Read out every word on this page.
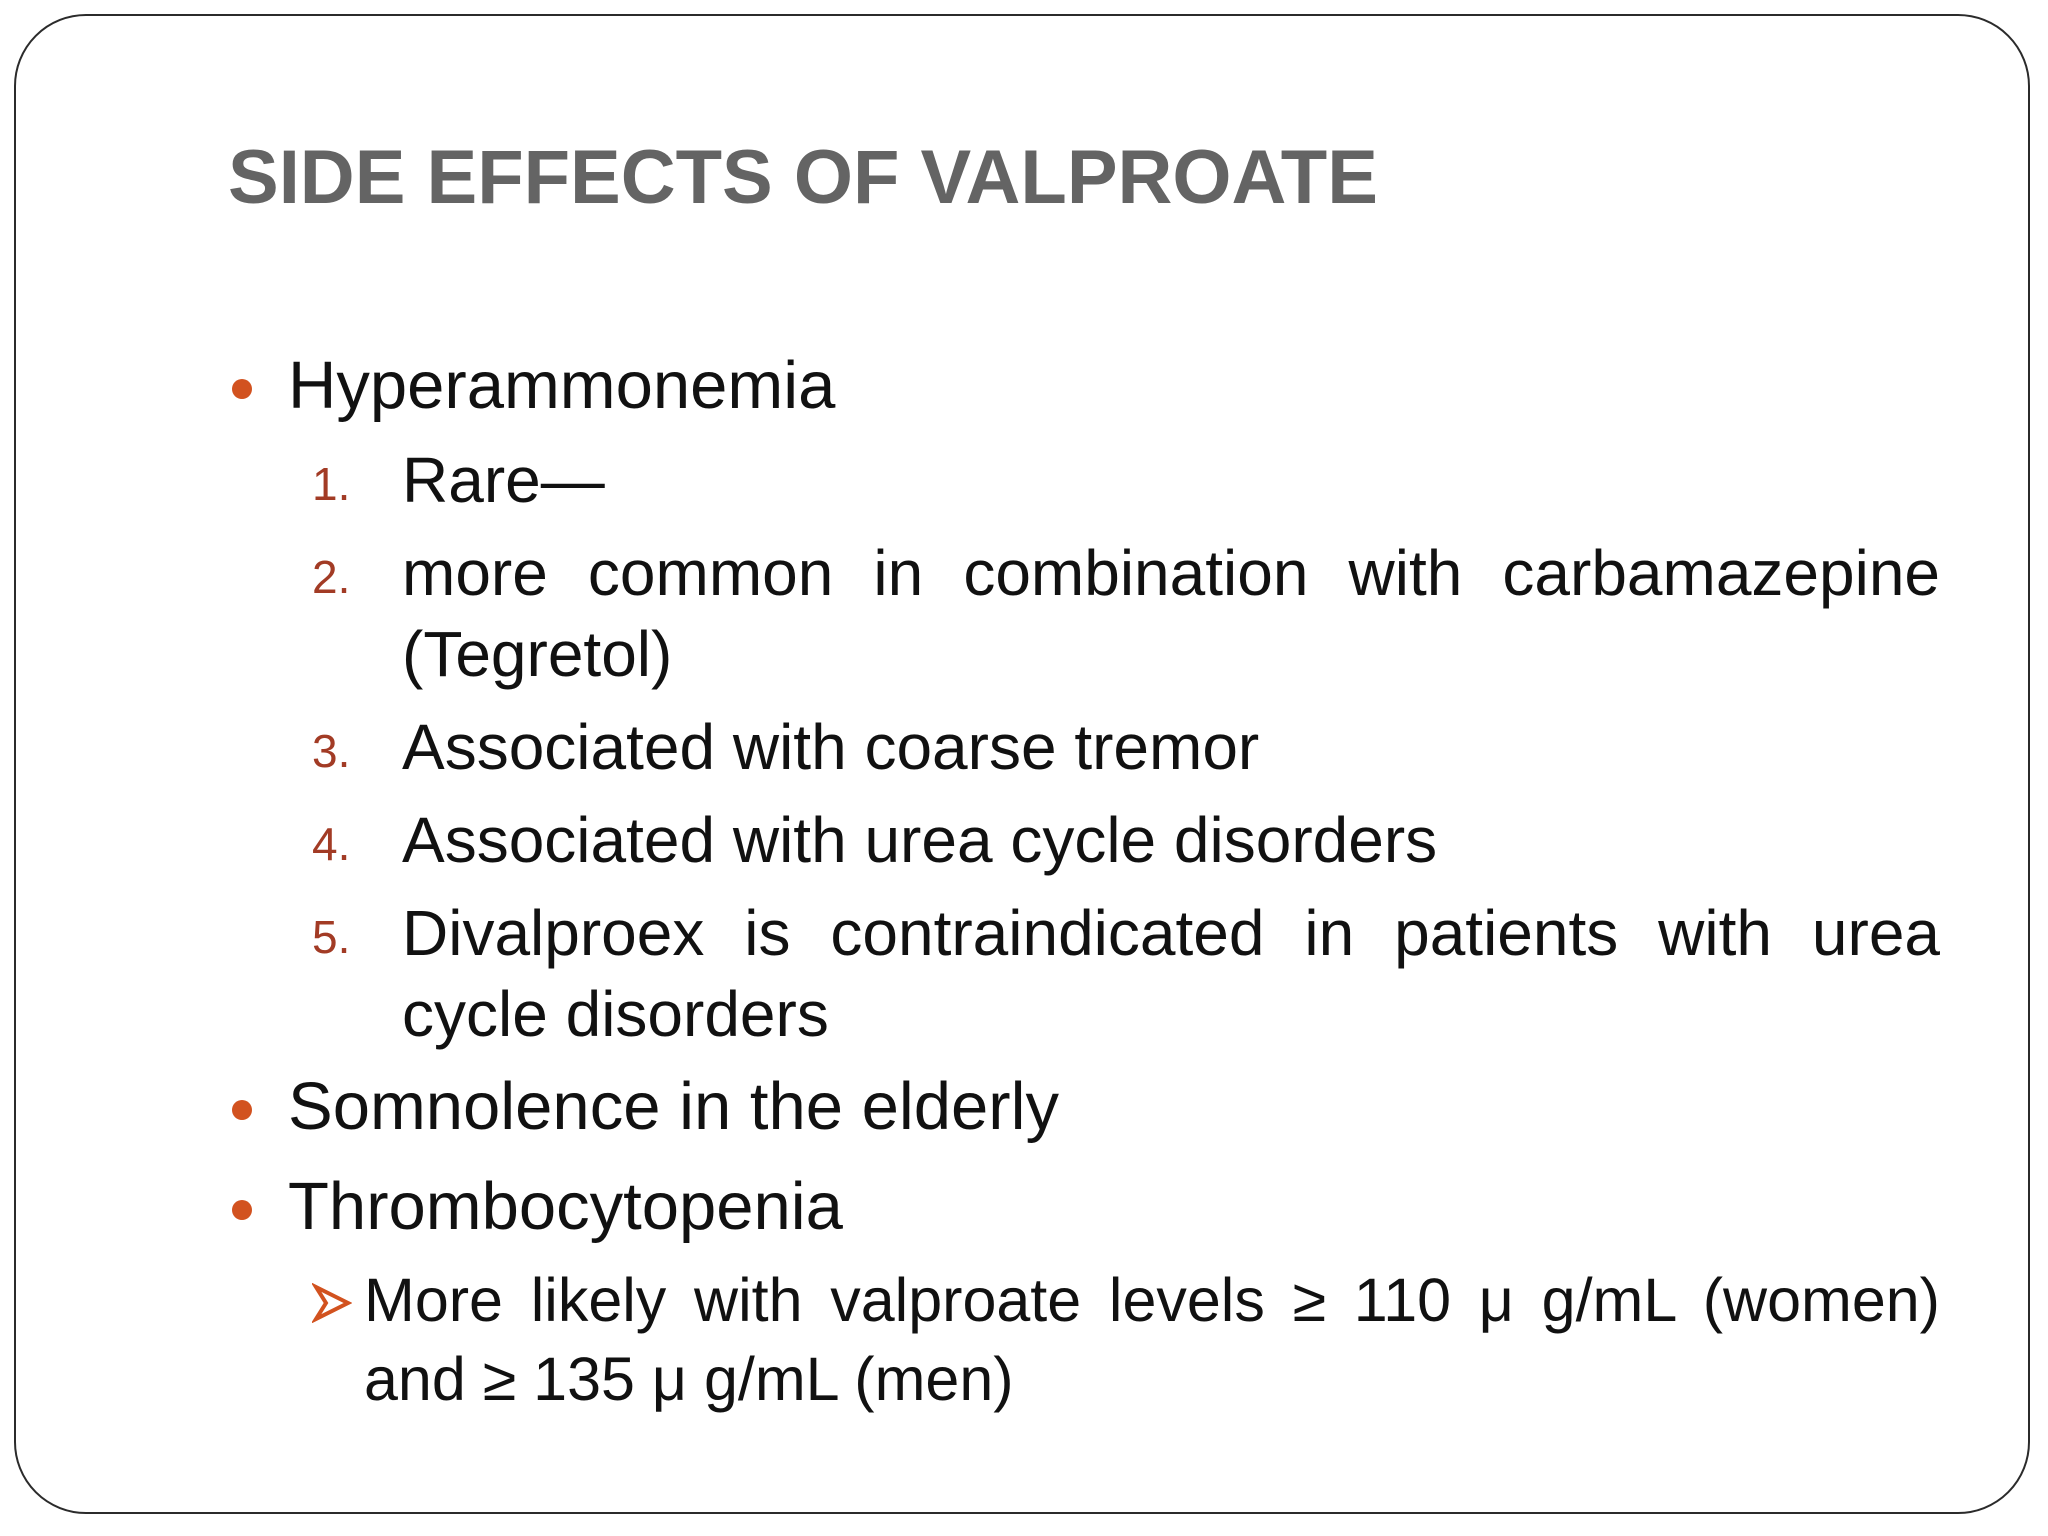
SIDE EFFECTS OF VALPROATE
Hyperammonemia
1. Rare—
2. more common in combination with carbamazepine (Tegretol)
3. Associated with coarse tremor
4. Associated with urea cycle disorders
5. Divalproex is contraindicated in patients with urea cycle disorders
Somnolence in the elderly
Thrombocytopenia
More likely with valproate levels ≥ 110 μ g/mL (women) and ≥ 135 μ g/mL (men)
